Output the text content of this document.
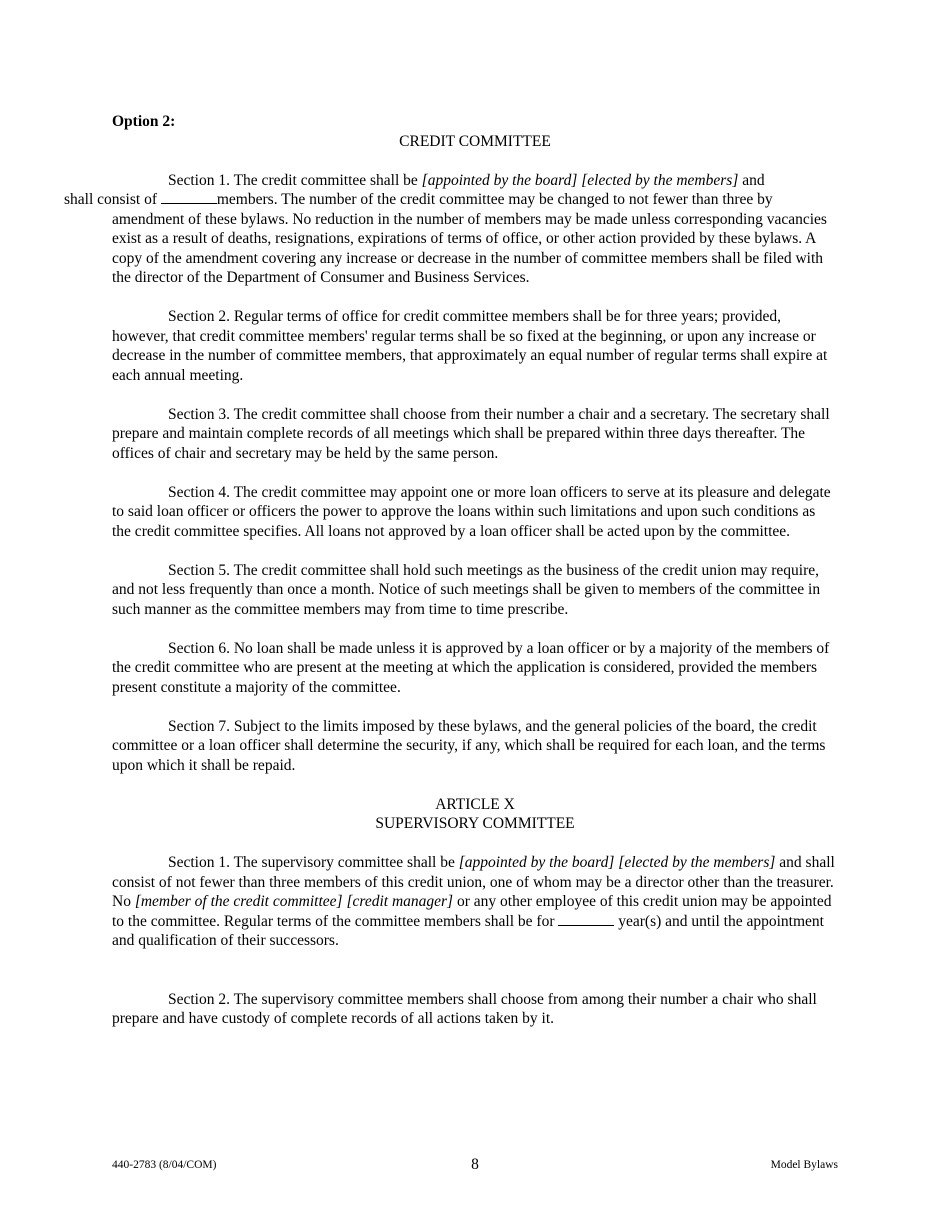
Option 2:

CREDIT COMMITTEE

Section 1. The credit committee shall be [appointed by the board] [elected by the members] and
shall consist of	members. The number of the credit committee may be changed to not fewer than three by amendment of these bylaws. No reduction in the number of members may be made unless corresponding vacancies exist as a result of deaths, resignations, expirations of terms of office, or other action provided by these bylaws. A copy of the amendment covering any increase or decrease in the number of committee members shall be filed with the director of the Department of Consumer and Business Services.

Section 2. Regular terms of office for credit committee members shall be for three years; provided, however, that credit committee members' regular terms shall be so fixed at the beginning, or upon any increase or decrease in the number of committee members, that approximately an equal number of regular terms shall expire at each annual meeting.

Section 3. The credit committee shall choose from their number a chair and a secretary. The secretary shall prepare and maintain complete records of all meetings which shall be prepared within three days thereafter. The offices of chair and secretary may be held by the same person.

Section 4. The credit committee may appoint one or more loan officers to serve at its pleasure and delegate to said loan officer or officers the power to approve the loans within such limitations and upon such conditions as the credit committee specifies. All loans not approved by a loan officer shall be acted upon by the committee.

Section 5. The credit committee shall hold such meetings as the business of the credit union may require, and not less frequently than once a month. Notice of such meetings shall be given to members of the committee in such manner as the committee members may from time to time prescribe.

Section 6. No loan shall be made unless it is approved by a loan officer or by a majority of the members of the credit committee who are present at the meeting at which the application is considered, provided the members present constitute a majority of the committee.

Section 7. Subject to the limits imposed by these bylaws, and the general policies of the board, the credit committee or a loan officer shall determine the security, if any, which shall be required for each loan, and the terms upon which it shall be repaid.

ARTICLE X

SUPERVISORY COMMITTEE

Section 1. The supervisory committee shall be [appointed by the board] [elected by the members] and shall consist of not fewer than three members of this credit union, one of whom may be a director other than the treasurer. No [member of the credit committee] [credit manager] or any other employee of this credit union may be appointed to the committee. Regular terms of the committee members shall be for	year(s) and until the appointment and qualification of their successors.

Section 2. The supervisory committee members shall choose from among their number a chair who shall prepare and have custody of complete records of all actions taken by it.

440-2783 (8/04/COM)	8	Model Bylaws
